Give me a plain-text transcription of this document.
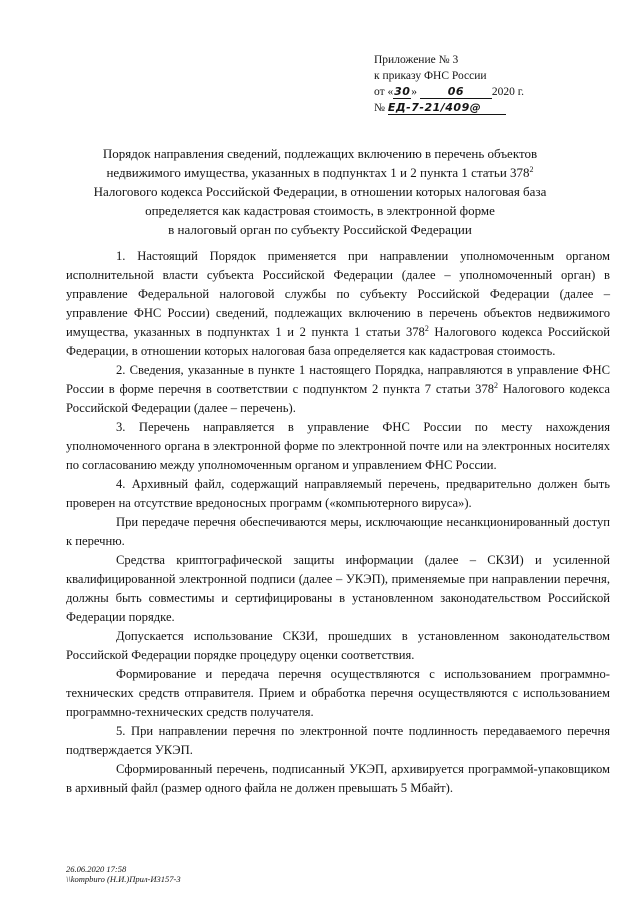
Приложение № 3
к приказу ФНС России
от «30»	06 2020 г.
№ ЕД-7-21/409@
Порядок направления сведений, подлежащих включению в перечень объектов
недвижимого имущества, указанных в подпунктах 1 и 2 пункта 1 статьи $378^2$
Налогового кодекса Российской Федерации, в отношении которых налоговая база
определяется как кадастровая стоимость, в электронной форме
в налоговый орган по субъекту Российской Федерации

1. Настоящий Порядок применяется при направлении уполномоченным органом исполнительной власти субъекта Российской Федерации (далее – уполномоченный орган) в управление Федеральной налоговой службы по субъекту Российской Федерации (далее – управление ФНС России) сведений, подлежащих включению в перечень объектов недвижимого имущества, указанных в подпунктах 1 и 2 пункта 1 статьи $378^2$ Налогового кодекса Российской Федерации, в отношении которых налоговая база определяется как кадастровая стоимость.

2. Сведения, указанные в пункте 1 настоящего Порядка, направляются в управление ФНС России в форме перечня в соответствии с подпунктом 2 пункта 7 статьи $378^2$ Налогового кодекса Российской Федерации (далее – перечень).

3. Перечень направляется в управление ФНС России по месту нахождения уполномоченного органа в электронной форме по электронной почте или на электронных носителях по согласованию между уполномоченным органом и управлением ФНС России.

4. Архивный файл, содержащий направляемый перечень, предварительно должен быть проверен на отсутствие вредоносных программ («компьютерного вируса»).

При передаче перечня обеспечиваются меры, исключающие несанкционированный доступ к перечню.

Средства криптографической защиты информации (далее – СКЗИ) и усиленной квалифицированной электронной подписи (далее – УКЭП), применяемые при направлении перечня, должны быть совместимы и сертифицированы в установленном законодательством Российской Федерации порядке.

Допускается использование СКЗИ, прошедших в установленном законодательством Российской Федерации порядке процедуру оценки соответствия.

Формирование и передача перечня осуществляются с использованием программно-технических средств отправителя. Прием и обработка перечня осуществляются с использованием программно-технических средств получателя.

5. При направлении перечня по электронной почте подлинность передаваемого перечня подтверждается УКЭП.

Сформированный перечень, подписанный УКЭП, архивируется программой-упаковщиком в архивный файл (размер одного файла не должен превышать 5 Мбайт).

26.06.2020 17:58
\\kompburo (Н.И.)Прил-И3157-3
